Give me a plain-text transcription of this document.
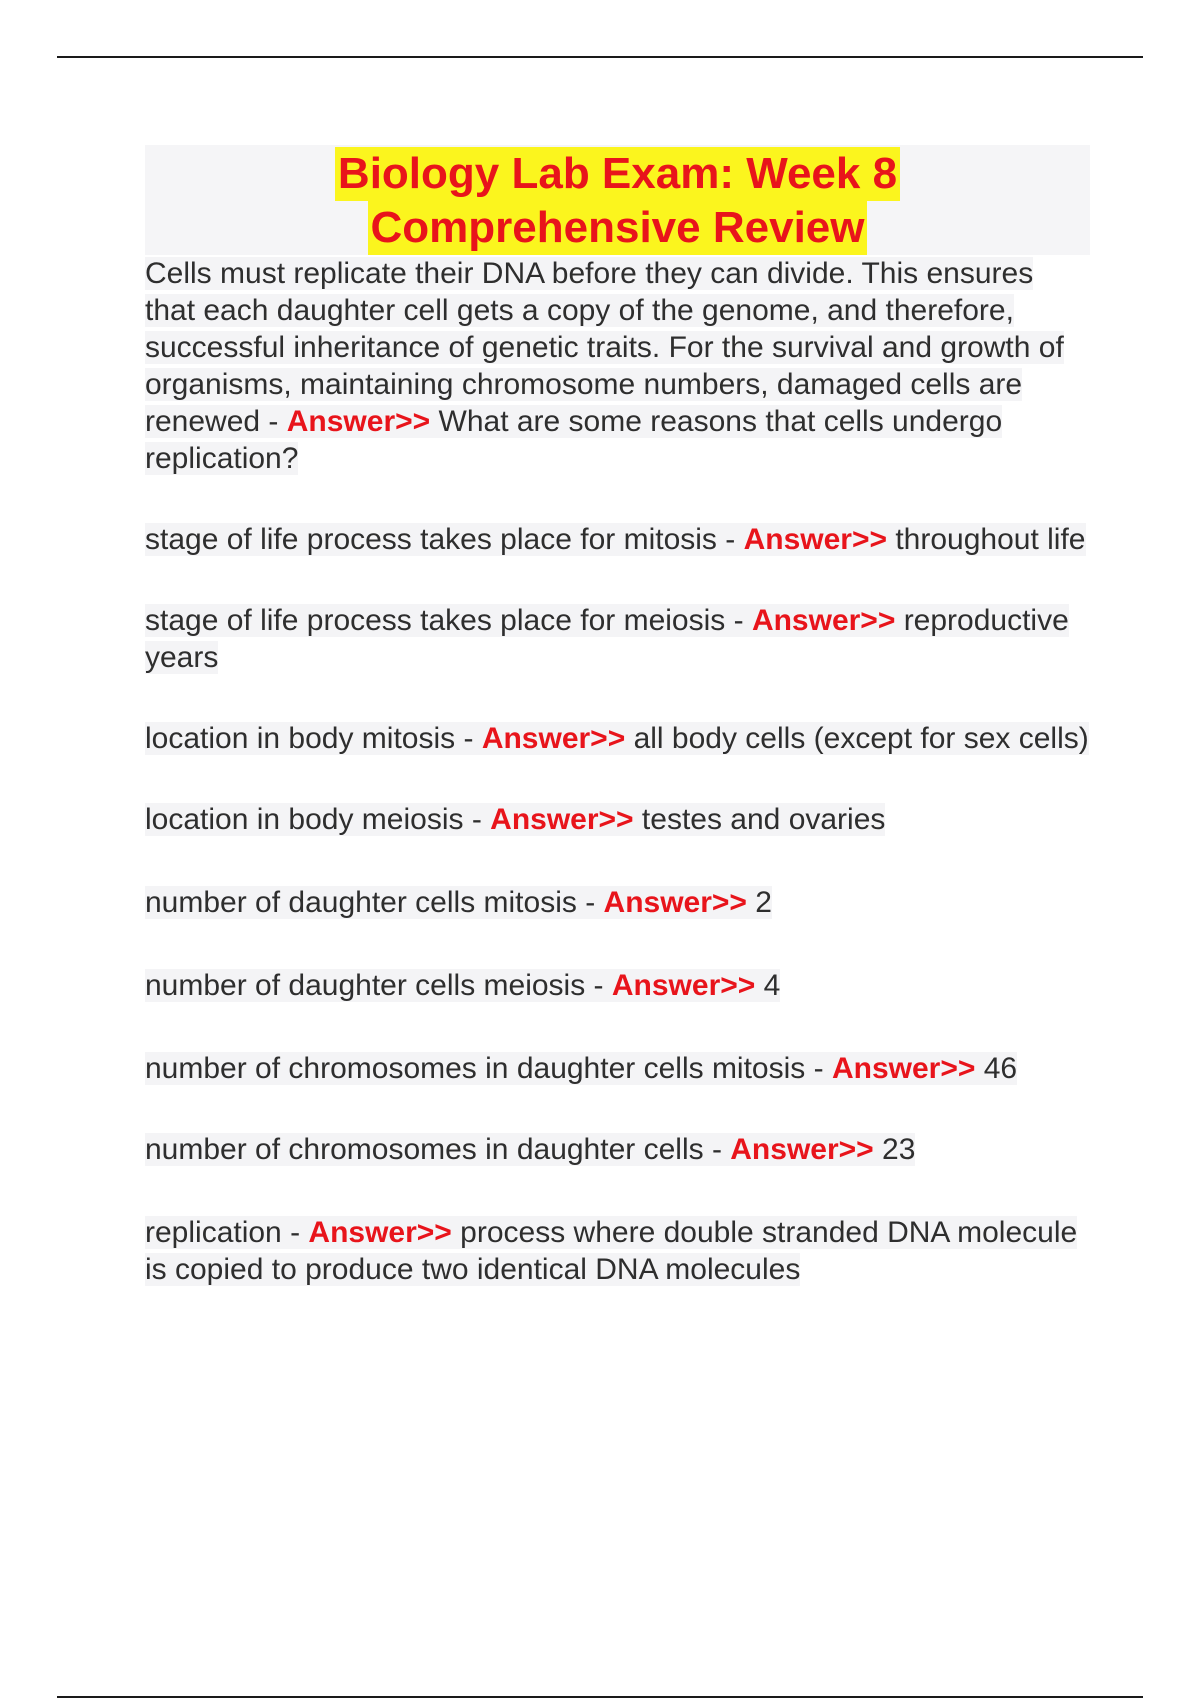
Biology Lab Exam: Week 8
Comprehensive Review

Cells must replicate their DNA before they can divide. This ensures that each daughter cell gets a copy of the genome, and therefore, successful inheritance of genetic traits. For the survival and growth of organisms, maintaining chromosome numbers, damaged cells are renewed - Answer>> What are some reasons that cells undergo replication?

stage of life process takes place for mitosis - Answer>> throughout life

stage of life process takes place for meiosis - Answer>> reproductive years

location in body mitosis - Answer>> all body cells (except for sex cells)

location in body meiosis - Answer>> testes and ovaries

number of daughter cells mitosis - Answer>> 2

number of daughter cells meiosis - Answer>> 4

number of chromosomes in daughter cells mitosis - Answer>> 46

number of chromosomes in daughter cells - Answer>> 23

replication - Answer>> process where double stranded DNA molecule is copied to produce two identical DNA molecules
